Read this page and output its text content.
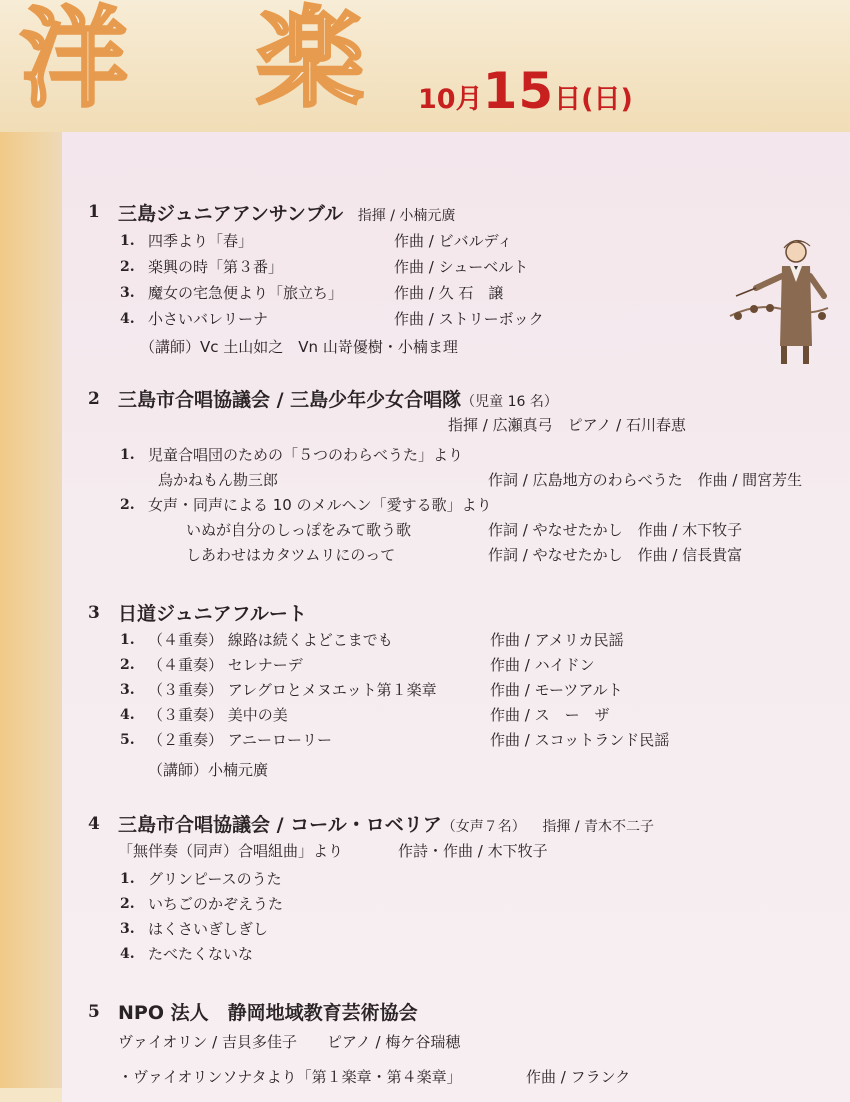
洋 楽 10月15日(日)
1 三島ジュニアアンサンブル 指揮 / 小楠元廣
1. 四季より「春」	作曲 / ビバルディ
2. 楽興の時「第３番」	作曲 / シューベルト
3. 魔女の宅急便より「旅立ち」	作曲 / 久 石　譲
4. 小さいバレリーナ	作曲 / ストリーボック
（講師）Vc 土山如之　Vn 山嵜優樹・小楠ま理
2 三島市合唱協議会 / 三島少年少女合唱隊（児童 16 名）
指揮 / 広瀬真弓　ピアノ / 石川春恵
1. 児童合唱団のための「５つのわらべうた」より
烏かねもん勘三郎	作詞 / 広島地方のわらべうた　作曲 / 間宮芳生
2. 女声・同声による 10 のメルヘン「愛する歌」より
いぬが自分のしっぽをみて歌う歌	作詞 / やなせたかし　作曲 / 木下牧子
しあわせはカタツムリにのって	作詞 / やなせたかし　作曲 / 信長貴富
3 日道ジュニアフルート
1. （４重奏） 線路は続くよどこまでも	作曲 / アメリカ民謡
2. （４重奏） セレナーデ	作曲 / ハイドン
3. （３重奏） アレグロとメヌエット第１楽章	作曲 / モーツアルト
4. （３重奏） 美中の美	作曲 / ス　ー　ザ
5. （２重奏） アニーローリー	作曲 / スコットランド民謡
（講師）小楠元廣
4 三島市合唱協議会 / コール・ロベリア（女声７名） 指揮 / 青木不二子
「無伴奏（同声）合唱組曲」より	作詩・作曲 / 木下牧子
1. グリンピースのうた
2. いちごのかぞえうた
3. はくさいぎしぎし
4. たべたくないな
5 NPO 法人　静岡地域教育芸術協会
ヴァイオリン / 吉貝多佳子　　ピアノ / 梅ケ谷瑞穂
・ヴァイオリンソナタより「第１楽章・第４楽章」	作曲 / フランク
